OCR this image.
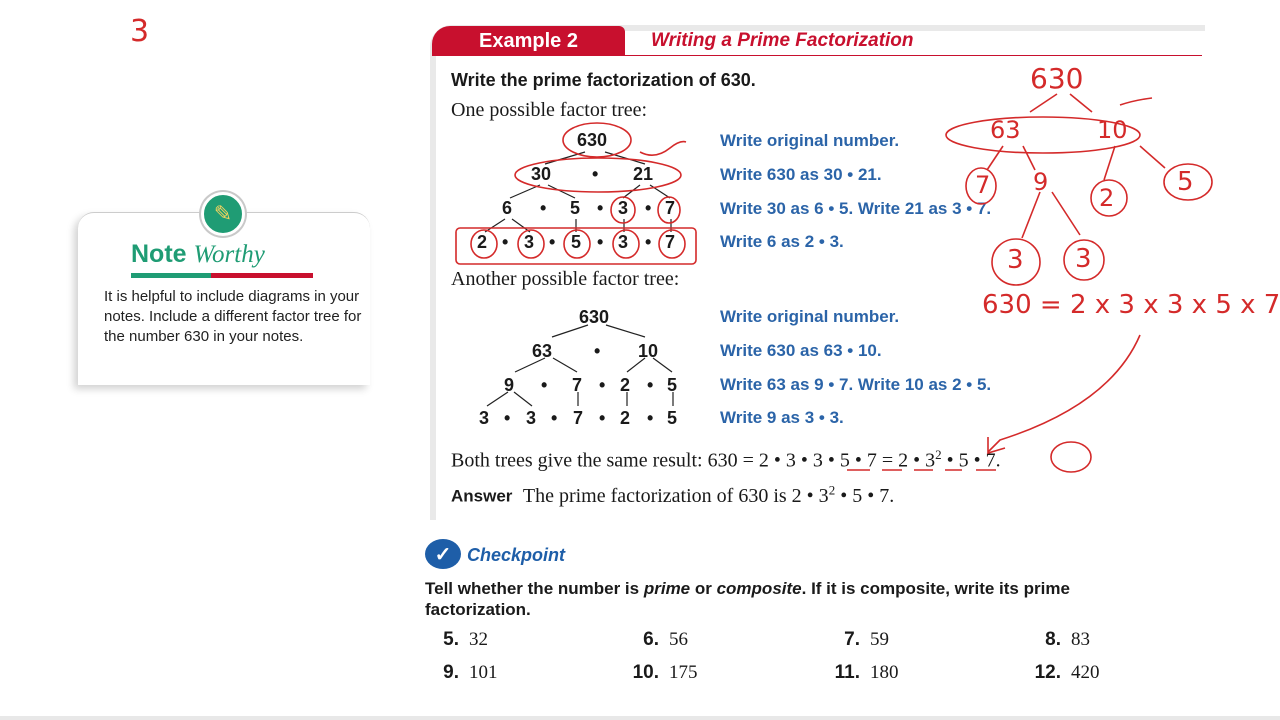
3
✎
Note Worthy
It is helpful to include diagrams in your notes. Include a different factor tree for the number 630 in your notes.
Example 2	Writing a Prime Factorization
Write the prime factorization of 630.
One possible factor tree:
630
30 • 21
6 • 5 • 3 • 7
2 • 3 • 5 • 3 • 7
Write original number.
Write 630 as 30 • 21.
Write 30 as 6 • 5. Write 21 as 3 • 7.
Write 6 as 2 • 3.
Another possible factor tree:
630
63 • 10
9 • 7 • 2 • 5
3 • 3 • 7 • 2 • 5
Write original number.
Write 630 as 63 • 10.
Write 63 as 9 • 7. Write 10 as 2 • 5.
Write 9 as 3 • 3.
Both trees give the same result: 630 = 2 • 3 • 3 • 5 • 7 = 2 • $3^2$ • 5 • 7.
Answer The prime factorization of 630 is 2 • $3^2$ • 5 • 7.
630
63	10
7 9
2
5
3 3
630 = 2 x 3 x 3 x 5 x 7
✓ Checkpoint
Tell whether the number is prime or composite. If it is composite, write its prime factorization.
5. 32	6. 56	7. 59	8. 83
9. 101	10. 175	11. 180	12. 420
